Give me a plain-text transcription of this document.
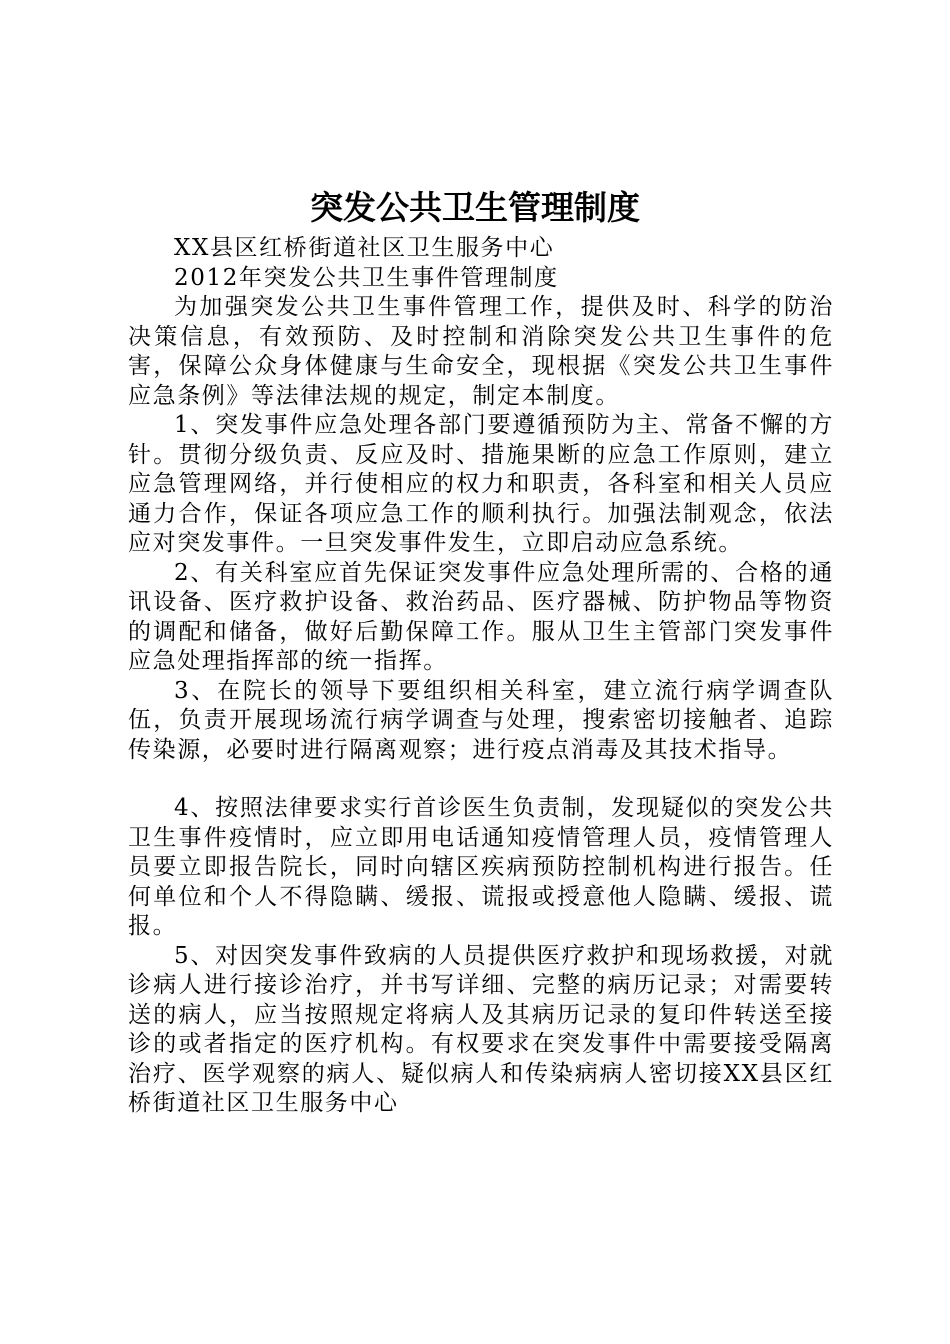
突发公共卫生管理制度

XX县区红桥街道社区卫生服务中心

2012年突发公共卫生事件管理制度

为加强突发公共卫生事件管理工作，提供及时、科学的防治决策信息，有效预防、及时控制和消除突发公共卫生事件的危害，保障公众身体健康与生命安全，现根据《突发公共卫生事件应急条例》等法律法规的规定，制定本制度。

1、突发事件应急处理各部门要遵循预防为主、常备不懈的方针。贯彻分级负责、反应及时、措施果断的应急工作原则，建立应急管理网络，并行使相应的权力和职责，各科室和相关人员应通力合作，保证各项应急工作的顺利执行。加强法制观念，依法应对突发事件。一旦突发事件发生，立即启动应急系统。

2、有关科室应首先保证突发事件应急处理所需的、合格的通讯设备、医疗救护设备、救治药品、医疗器械、防护物品等物资的调配和储备，做好后勤保障工作。服从卫生主管部门突发事件应急处理指挥部的统一指挥。

3、在院长的领导下要组织相关科室，建立流行病学调查队伍，负责开展现场流行病学调查与处理，搜索密切接触者、追踪传染源，必要时进行隔离观察；进行疫点消毒及其技术指导。

4、按照法律要求实行首诊医生负责制，发现疑似的突发公共卫生事件疫情时，应立即用电话通知疫情管理人员，疫情管理人员要立即报告院长，同时向辖区疾病预防控制机构进行报告。任何单位和个人不得隐瞒、缓报、谎报或授意他人隐瞒、缓报、谎报。

5、对因突发事件致病的人员提供医疗救护和现场救援，对就诊病人进行接诊治疗，并书写详细、完整的病历记录；对需要转送的病人，应当按照规定将病人及其病历记录的复印件转送至接诊的或者指定的医疗机构。有权要求在突发事件中需要接受隔离治疗、医学观察的病人、疑似病人和传染病病人密切接XX县区红桥街道社区卫生服务中心
